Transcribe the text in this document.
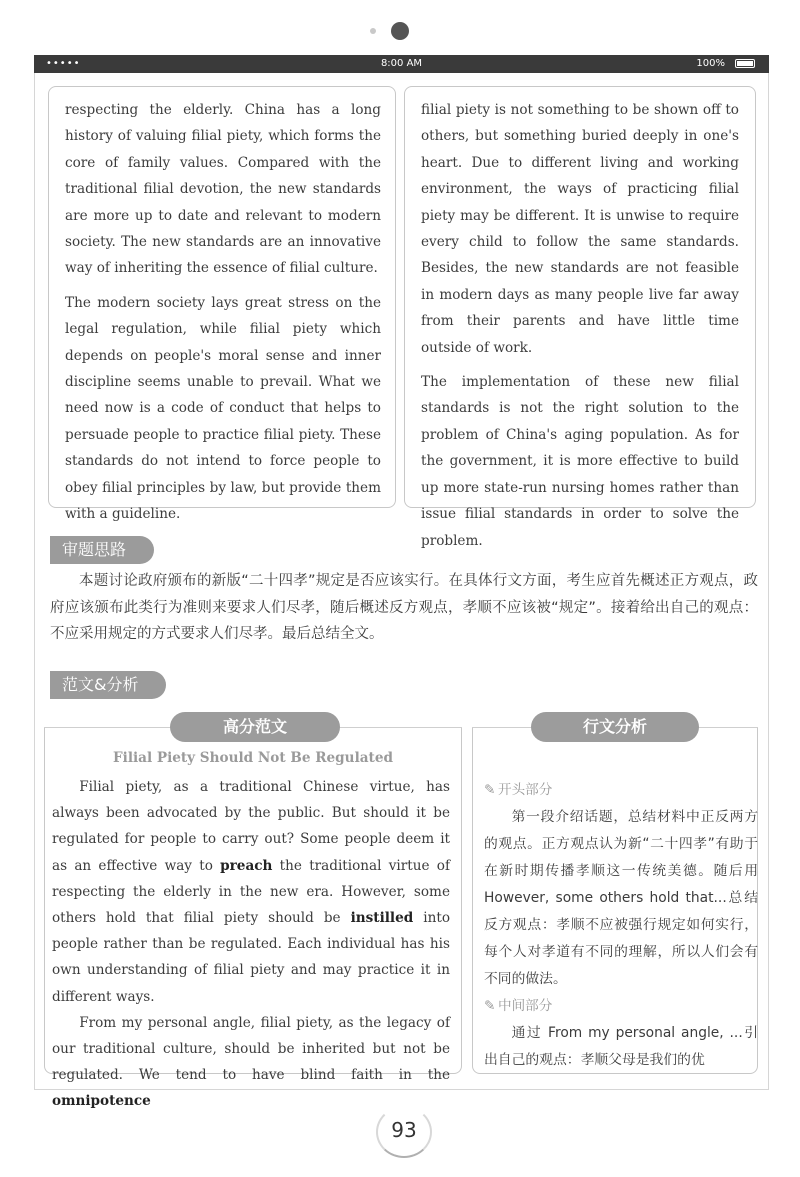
•••••	8:00 AM	100%

respecting the elderly. China has a long history of valuing filial piety, which forms the core of family values. Compared with the traditional filial devotion, the new standards are more up to date and relevant to modern society. The new standards are an innovative way of inheriting the essence of filial culture.

The modern society lays great stress on the legal regulation, while filial piety which depends on people's moral sense and inner discipline seems unable to prevail. What we need now is a code of conduct that helps to persuade people to practice filial piety. These standards do not intend to force people to obey filial principles by law, but provide them with a guideline.

filial piety is not something to be shown off to others, but something buried deeply in one's heart. Due to different living and working environment, the ways of practicing filial piety may be different. It is unwise to require every child to follow the same standards. Besides, the new standards are not feasible in modern days as many people live far away from their parents and have little time outside of work.

The implementation of these new filial standards is not the right solution to the problem of China's aging population. As for the government, it is more effective to build up more state-run nursing homes rather than issue filial standards in order to solve the problem.

审题思路

本题讨论政府颁布的新版“二十四孝”规定是否应该实行。在具体行文方面，考生应首先概述正方观点，政府应该颁布此类行为准则来要求人们尽孝，随后概述反方观点，孝顺不应该被“规定”。接着给出自己的观点：不应采用规定的方式要求人们尽孝。最后总结全文。

范文&分析
高分范文	行文分析
Filial Piety Should Not Be Regulated

Filial piety, as a traditional Chinese virtue, has always been advocated by the public. But should it be regulated for people to carry out? Some people deem it as an effective way to preach the traditional virtue of respecting the elderly in the new era. However, some others hold that filial piety should be instilled into people rather than be regulated. Each individual has his own understanding of filial piety and may practice it in different ways.

From my personal angle, filial piety, as the legacy of our traditional culture, should be inherited but not be regulated. We tend to have blind faith in the omnipotence

✎ 开头部分

第一段介绍话题，总结材料中正反两方的观点。正方观点认为新“二十四孝”有助于在新时期传播孝顺这一传统美德。随后用 However, some others hold that...总结反方观点：孝顺不应被强行规定如何实行，每个人对孝道有不同的理解，所以人们会有不同的做法。

✎ 中间部分

通过 From my personal angle, ...引出自己的观点：孝顺父母是我们的优

93
